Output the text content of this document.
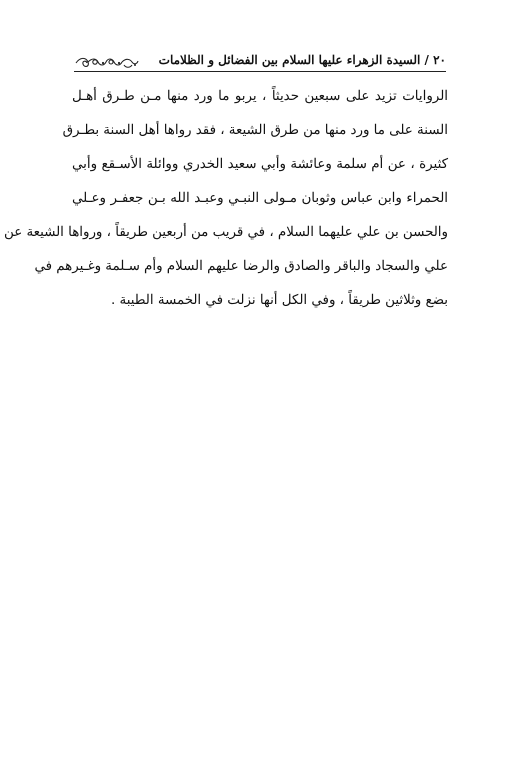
٢٠ / السيدة الزهراء عليها السلام بين الفضائل و الظلامات
الروايات تزيد على سبعين حديثاً ، يربو ما ورد منها مـن طـرق أهـل
السنة على ما ورد منها من طرق الشيعة ، فقد رواها أهل السنة بطـرق
كثيرة ، عن أم سلمة وعائشة وأبي سعيد الخدري ووائلة الأسـقع وأبي
الحمراء وابن عباس وثوبان مـولى النبـي وعبـد الله بـن جعفـر وعـلي
والحسن بن علي عليهما السلام ، في قريب من أربعين طريقاً ، ورواها الشيعة عن
علي والسجاد والباقر والصادق والرضا عليهم السلام وأم سـلمة وغـيرهم في
بضع وثلاثين طريقاً ، وفي الكل أنها نزلت في الخمسة الطيبة .
